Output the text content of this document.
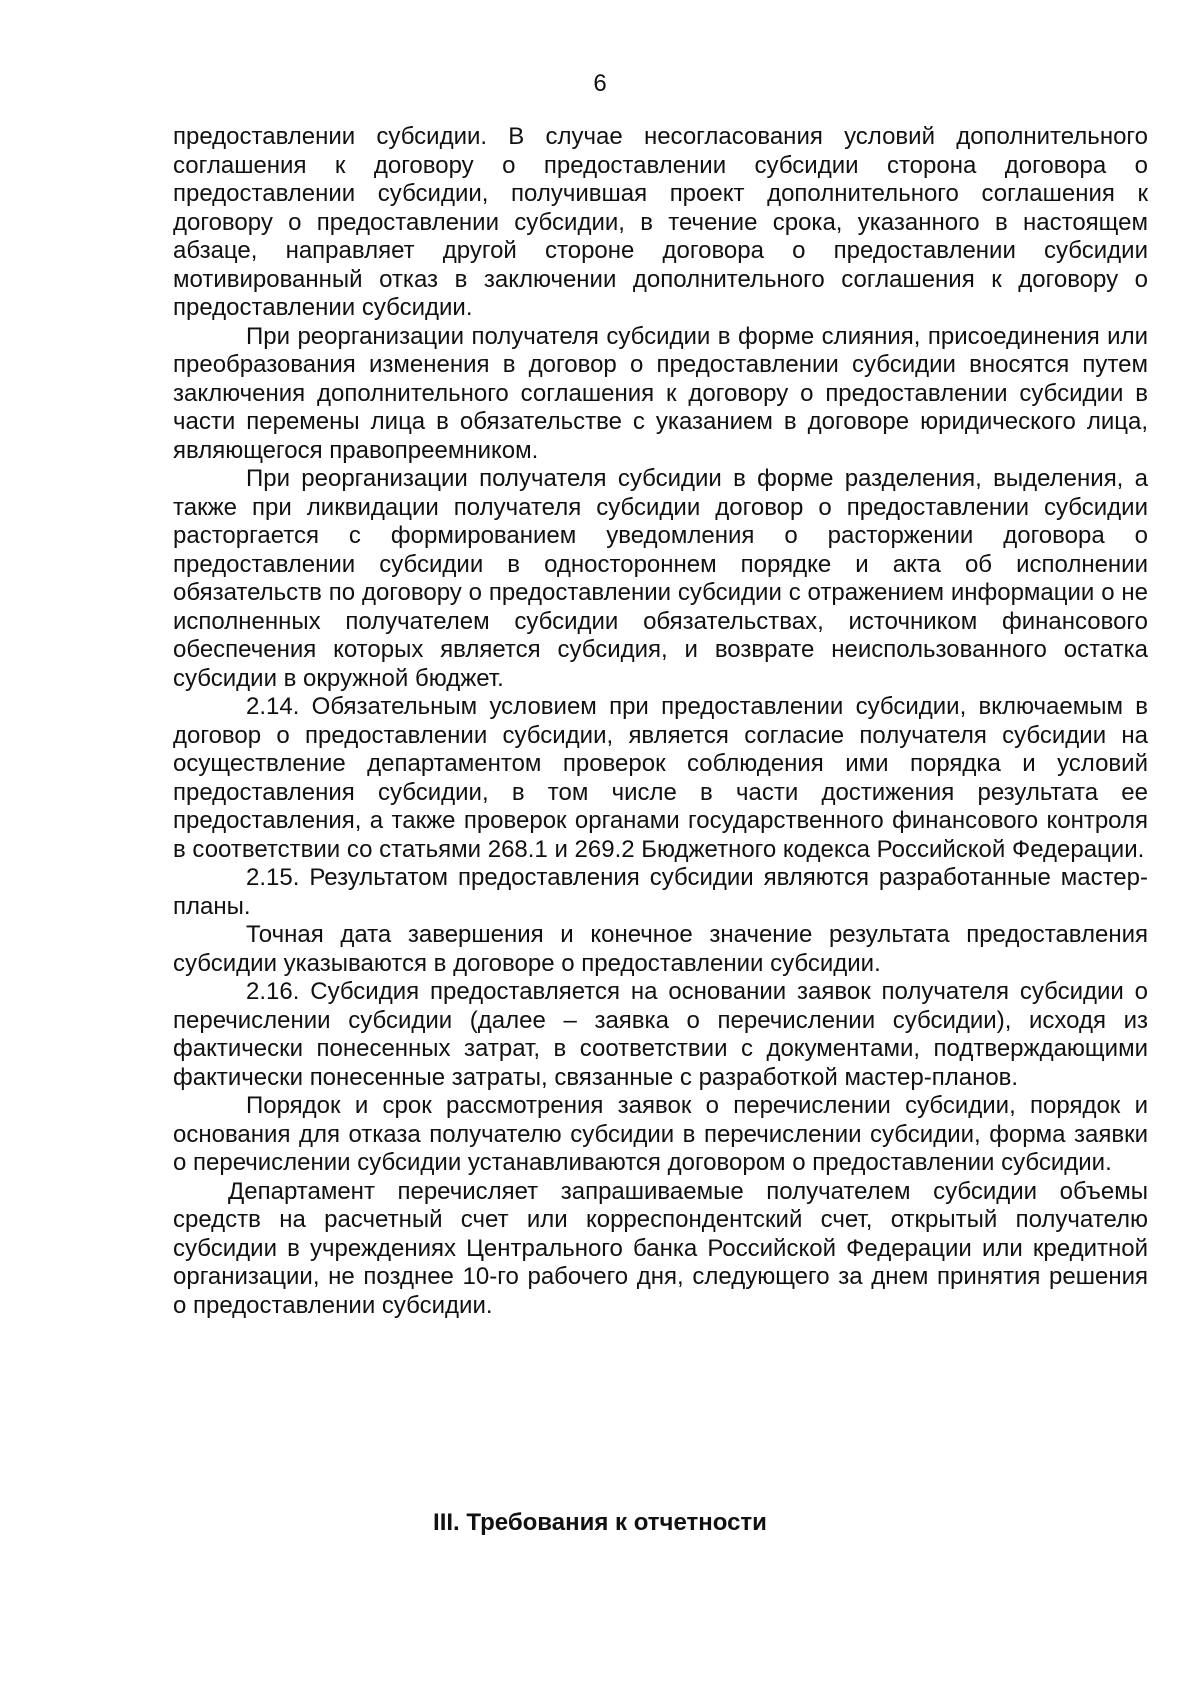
6

предоставлении субсидии. В случае несогласования условий дополнительного соглашения к договору о предоставлении субсидии сторона договора о предоставлении субсидии, получившая проект дополнительного соглашения к договору о предоставлении субсидии, в течение срока, указанного в настоящем абзаце, направляет другой стороне договора о предоставлении субсидии мотивированный отказ в заключении дополнительного соглашения к договору о предоставлении субсидии.

При реорганизации получателя субсидии в форме слияния, присоединения или преобразования изменения в договор о предоставлении субсидии вносятся путем заключения дополнительного соглашения к договору о предоставлении субсидии в части перемены лица в обязательстве с указанием в договоре юридического лица, являющегося правопреемником.

При реорганизации получателя субсидии в форме разделения, выделения, а также при ликвидации получателя субсидии договор о предоставлении субсидии расторгается с формированием уведомления о расторжении договора о предоставлении субсидии в одностороннем порядке и акта об исполнении обязательств по договору о предоставлении субсидии с отражением информации о не исполненных получателем субсидии обязательствах, источником финансового обеспечения которых является субсидия, и возврате неиспользованного остатка субсидии в окружной бюджет.

2.14. Обязательным условием при предоставлении субсидии, включаемым в договор о предоставлении субсидии, является согласие получателя субсидии на осуществление департаментом проверок соблюдения ими порядка и условий предоставления субсидии, в том числе в части достижения результата ее предоставления, а также проверок органами государственного финансового контроля в соответствии со статьями 268.1 и 269.2 Бюджетного кодекса Российской Федерации.

2.15. Результатом предоставления субсидии являются разработанные мастер-планы.

Точная дата завершения и конечное значение результата предоставления субсидии указываются в договоре о предоставлении субсидии.

2.16. Субсидия предоставляется на основании заявок получателя субсидии о перечислении субсидии (далее – заявка о перечислении субсидии), исходя из фактически понесенных затрат, в соответствии с документами, подтверждающими фактически понесенные затраты, связанные с разработкой мастер-планов.

Порядок и срок рассмотрения заявок о перечислении субсидии, порядок и основания для отказа получателю субсидии в перечислении субсидии, форма заявки о перечислении субсидии устанавливаются договором о предоставлении субсидии.

Департамент перечисляет запрашиваемые получателем субсидии объемы средств на расчетный счет или корреспондентский счет, открытый получателю субсидии в учреждениях Центрального банка Российской Федерации или кредитной организации, не позднее 10-го рабочего дня, следующего за днем принятия решения о предоставлении субсидии.

III. Требования к отчетности
